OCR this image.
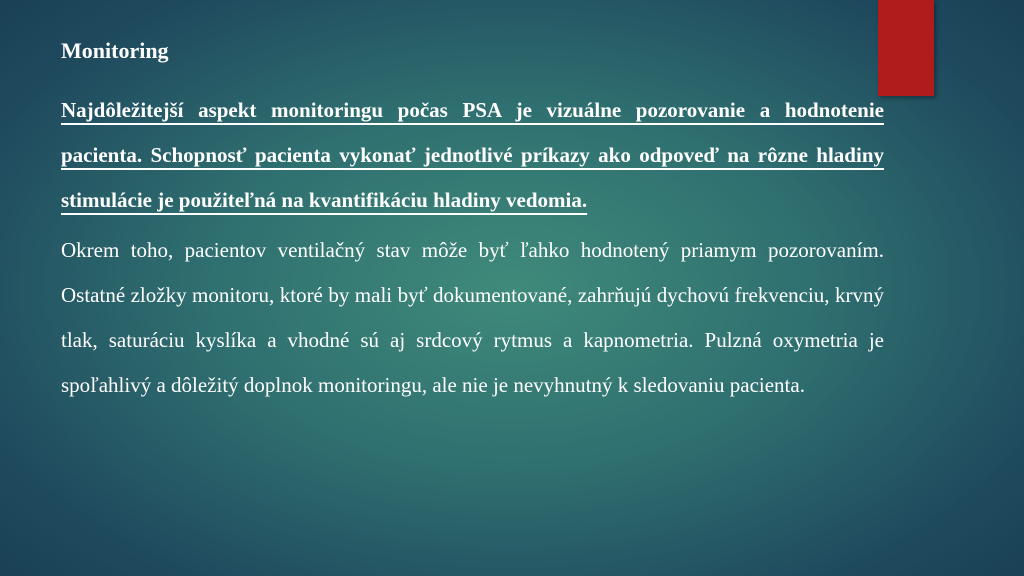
Monitoring

Najdôležitejší aspekt monitoringu počas PSA je vizuálne pozorovanie a hodnotenie pacienta. Schopnosť pacienta vykonať jednotlivé príkazy ako odpoveď na rôzne hladiny stimulácie je použiteľná na kvantifikáciu hladiny vedomia.

Okrem toho, pacientov ventilačný stav môže byť ľahko hodnotený priamym pozorovaním. Ostatné zložky monitoru, ktoré by mali byť dokumentované, zahrňujú dychovú frekvenciu, krvný tlak, saturáciu kyslíka a vhodné sú aj srdcový rytmus a kapnometria. Pulzná oxymetria je spoľahlivý a dôležitý doplnok monitoringu, ale nie je nevyhnutný k sledovaniu pacienta.
